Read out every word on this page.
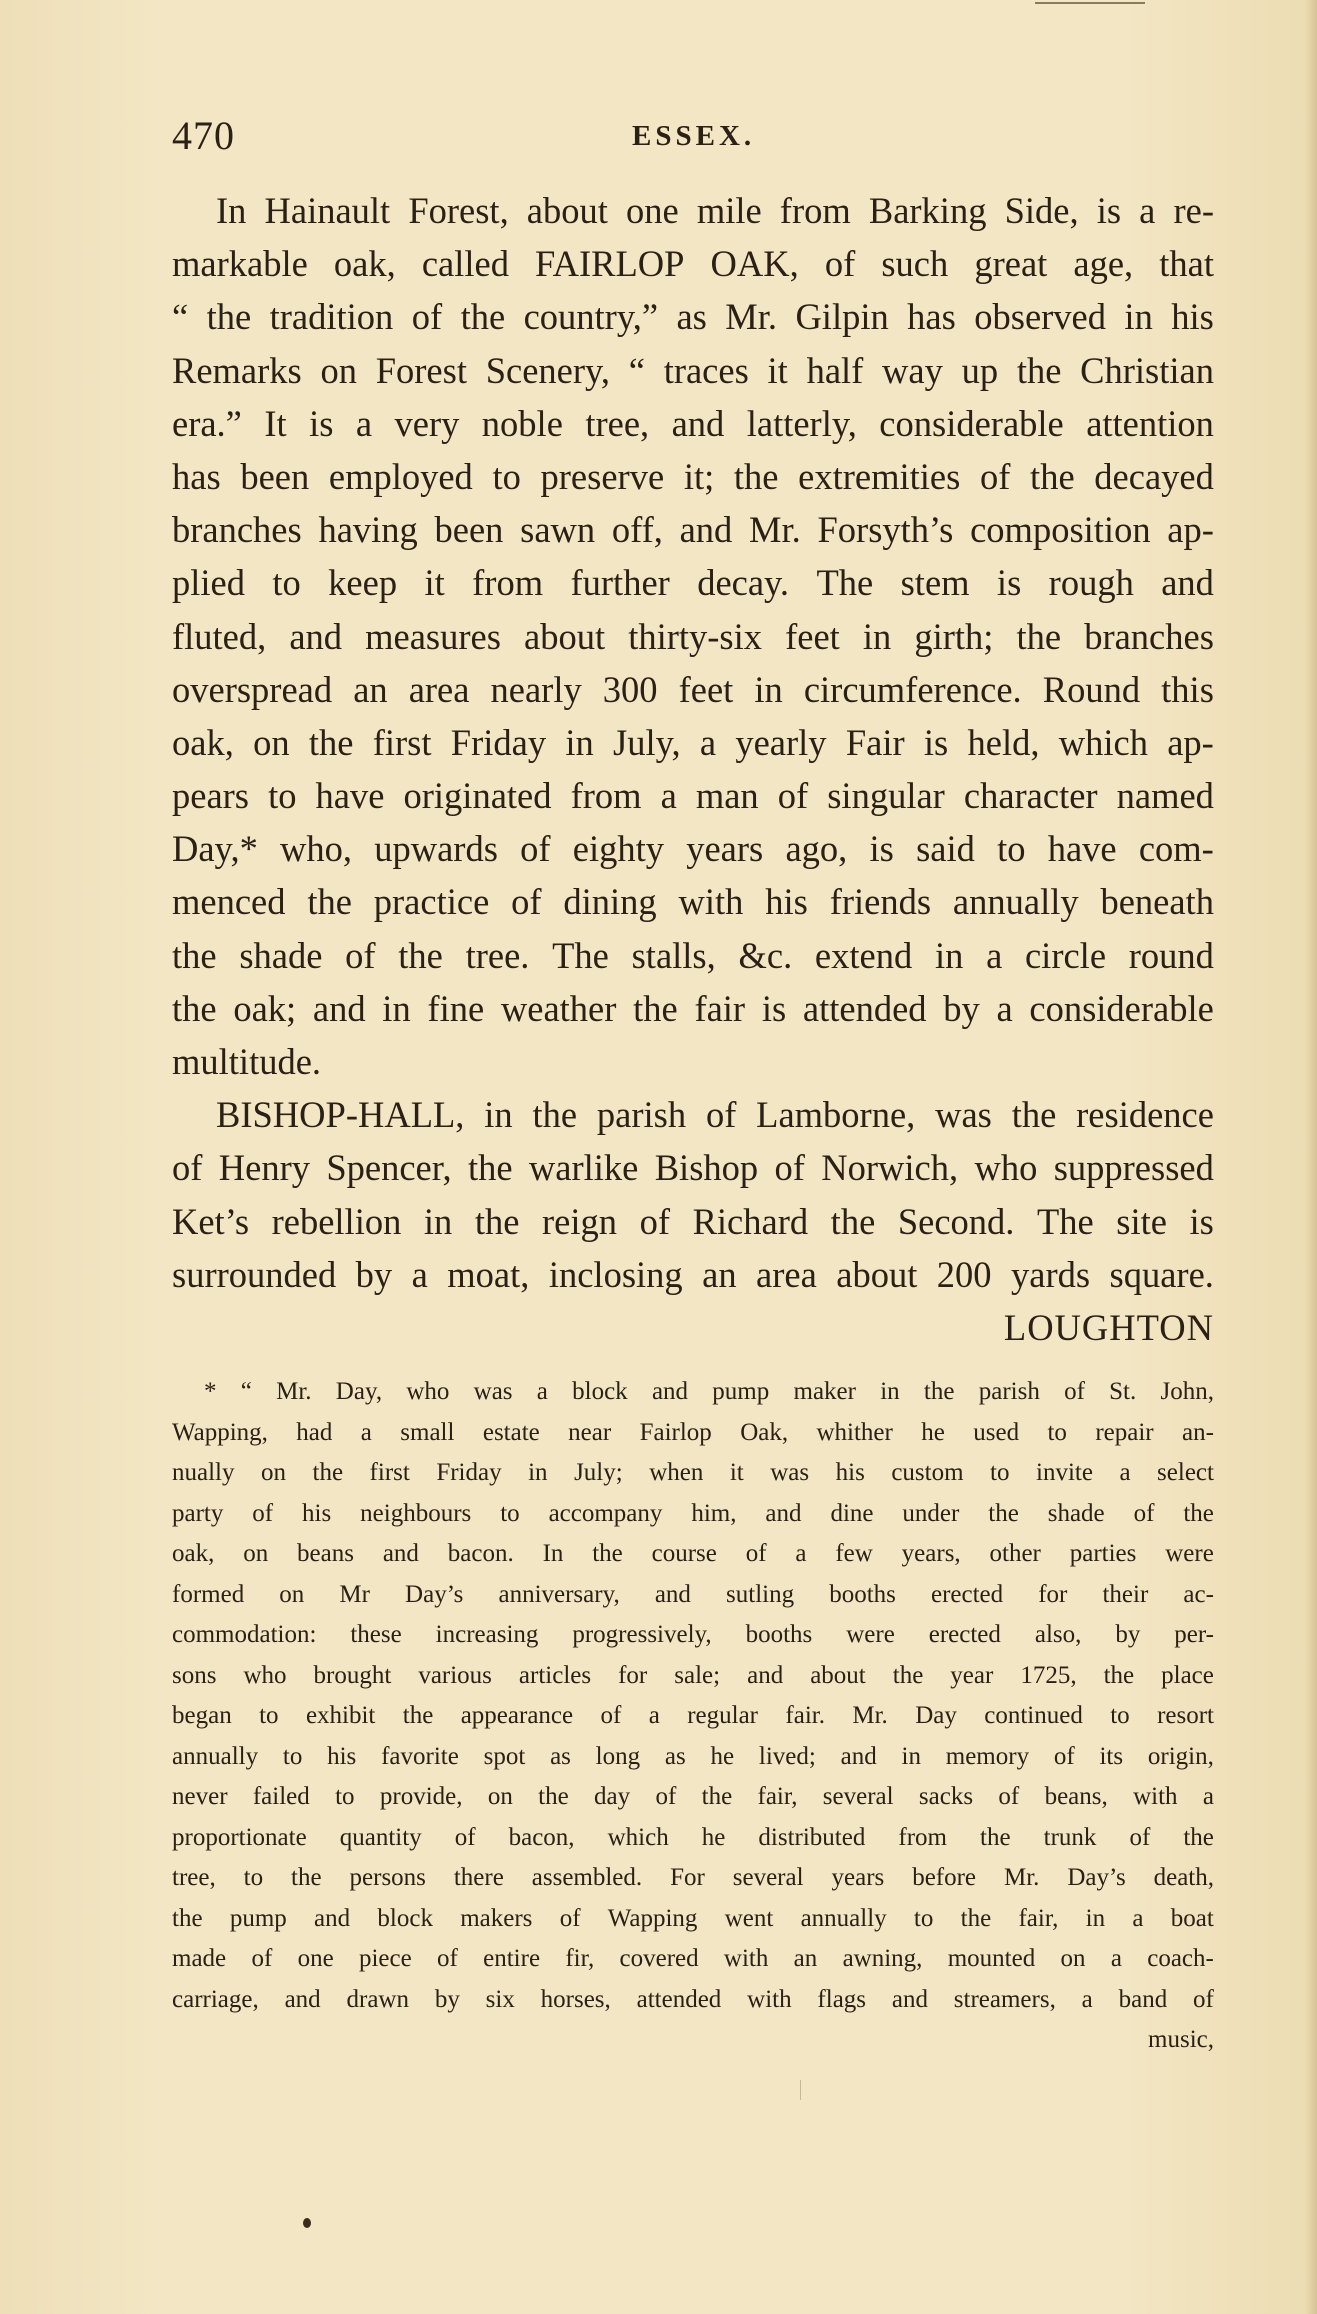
470	ESSEX.
In Hainault Forest, about one mile from Barking Side, is a re-
markable oak, called FAIRLOP OAK, of such great age, that
“ the tradition of the country,” as Mr. Gilpin has observed in his
Remarks on Forest Scenery, “ traces it half way up the Christian
era.” It is a very noble tree, and latterly, considerable attention
has been employed to preserve it; the extremities of the decayed
branches having been sawn off, and Mr. Forsyth’s composition ap-
plied to keep it from further decay. The stem is rough and
fluted, and measures about thirty-six feet in girth; the branches
overspread an area nearly 300 feet in circumference. Round this
oak, on the first Friday in July, a yearly Fair is held, which ap-
pears to have originated from a man of singular character named
Day,* who, upwards of eighty years ago, is said to have com-
menced the practice of dining with his friends annually beneath
the shade of the tree. The stalls, &c. extend in a circle round
the oak; and in fine weather the fair is attended by a considerable
multitude.
BISHOP-HALL, in the parish of Lamborne, was the residence
of Henry Spencer, the warlike Bishop of Norwich, who suppressed
Ket’s rebellion in the reign of Richard the Second. The site is
surrounded by a moat, inclosing an area about 200 yards square.
LOUGHTON
* “ Mr. Day, who was a block and pump maker in the parish of St. John,
Wapping, had a small estate near Fairlop Oak, whither he used to repair an-
nually on the first Friday in July; when it was his custom to invite a select
party of his neighbours to accompany him, and dine under the shade of the
oak, on beans and bacon. In the course of a few years, other parties were
formed on Mr Day’s anniversary, and sutling booths erected for their ac-
commodation: these increasing progressively, booths were erected also, by per-
sons who brought various articles for sale; and about the year 1725, the place
began to exhibit the appearance of a regular fair. Mr. Day continued to resort
annually to his favorite spot as long as he lived; and in memory of its origin,
never failed to provide, on the day of the fair, several sacks of beans, with a
proportionate quantity of bacon, which he distributed from the trunk of the
tree, to the persons there assembled. For several years before Mr. Day’s death,
the pump and block makers of Wapping went annually to the fair, in a boat
made of one piece of entire fir, covered with an awning, mounted on a coach-
carriage, and drawn by six horses, attended with flags and streamers, a band of
music,
